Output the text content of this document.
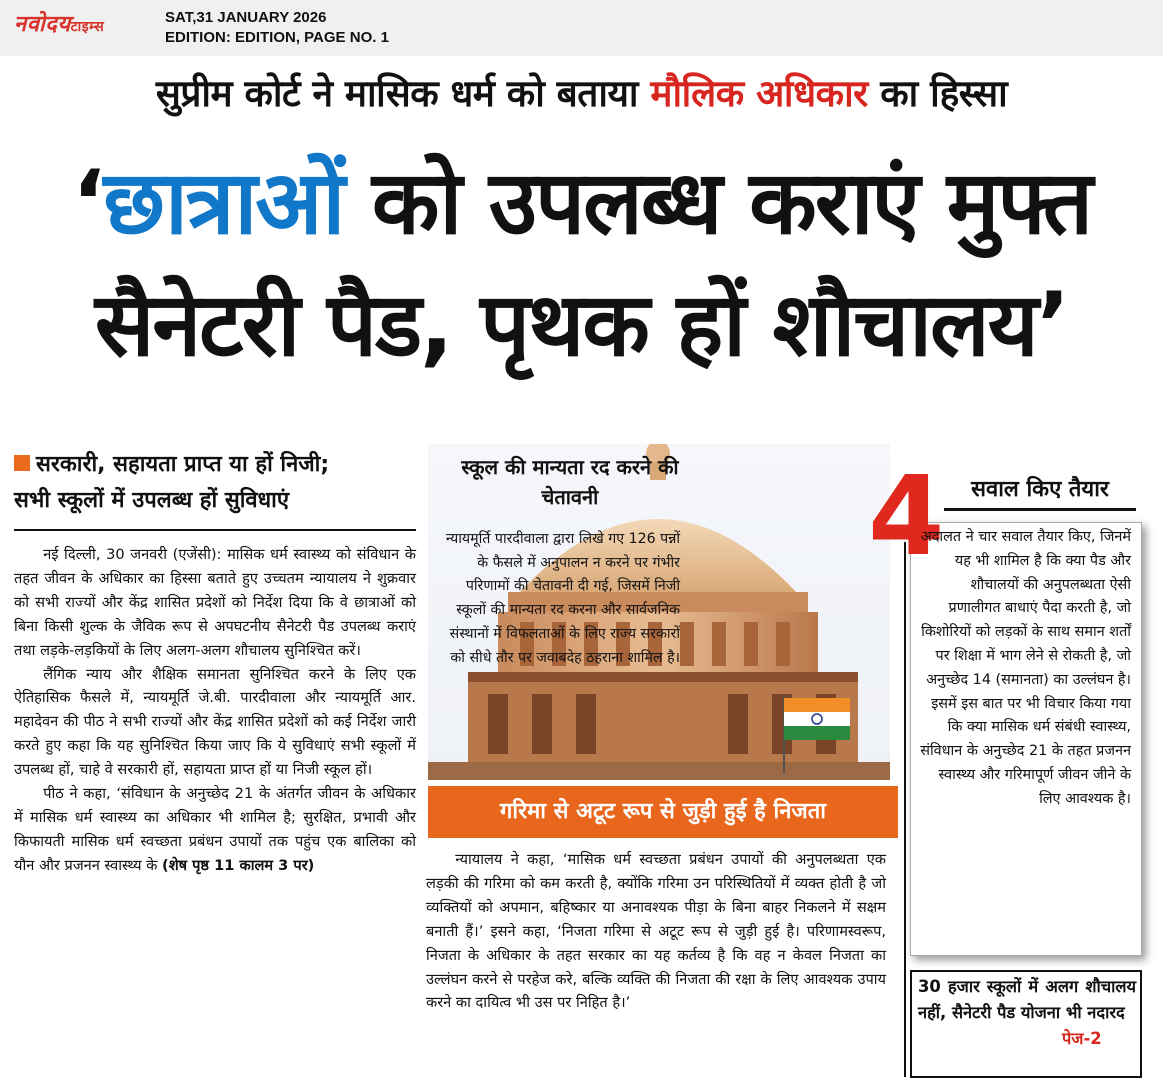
नवोदयटाइम्स
SAT,31 JANUARY 2026
EDITION: EDITION, PAGE NO. 1
सुप्रीम कोर्ट ने मासिक धर्म को बताया मौलिक अधिकार का हिस्सा
‘छात्राओं को उपलब्ध कराएं मुफ्त
सैनेटरी पैड, पृथक हों शौचालय’
सरकारी, सहायता प्राप्त या हों निजी;
सभी स्कूलों में उपलब्ध हों सुविधाएं

नई दिल्ली, 30 जनवरी (एजेंसी): मासिक धर्म स्वास्थ्य को संविधान के तहत जीवन के अधिकार का हिस्सा बताते हुए उच्चतम न्यायालय ने शुक्रवार को सभी राज्यों और केंद्र शासित प्रदेशों को निर्देश दिया कि वे छात्राओं को बिना किसी शुल्क के जैविक रूप से अपघटनीय सैनेटरी पैड उपलब्ध कराएं तथा लड़के-लड़कियों के लिए अलग-अलग शौचालय सुनिश्चित करें।

लैंगिक न्याय और शैक्षिक समानता सुनिश्चित करने के लिए एक ऐतिहासिक फैसले में, न्यायमूर्ति जे.बी. पारदीवाला और न्यायमूर्ति आर. महादेवन की पीठ ने सभी राज्यों और केंद्र शासित प्रदेशों को कई निर्देश जारी करते हुए कहा कि यह सुनिश्चित किया जाए कि ये सुविधाएं सभी स्कूलों में उपलब्ध हों, चाहे वे सरकारी हों, सहायता प्राप्त हों या निजी स्कूल हों।

पीठ ने कहा, ‘संविधान के अनुच्छेद 21 के अंतर्गत जीवन के अधिकार में मासिक धर्म स्वास्थ्य का अधिकार भी शामिल है; सुरक्षित, प्रभावी और किफायती मासिक धर्म स्वच्छता प्रबंधन उपायों तक पहुंच एक बालिका को यौन और प्रजनन स्वास्थ्य के (शेष पृष्ठ 11 कालम 3 पर)

स्कूल की मान्यता रद करने की चेतावनी
न्यायमूर्ति पारदीवाला द्वारा लिखे गए 126 पन्नों के फैसले में अनुपालन न करने पर गंभीर परिणामों की चेतावनी दी गई, जिसमें निजी स्कूलों की मान्यता रद करना और सार्वजनिक संस्थानों में विफलताओं के लिए राज्य सरकारों को सीधे तौर पर जवाबदेह ठहराना शामिल है।
गरिमा से अटूट रूप से जुड़ी हुई है निजता

न्यायालय ने कहा, ‘मासिक धर्म स्वच्छता प्रबंधन उपायों की अनुपलब्धता एक लड़की की गरिमा को कम करती है, क्योंकि गरिमा उन परिस्थितियों में व्यक्त होती है जो व्यक्तियों को अपमान, बहिष्कार या अनावश्यक पीड़ा के बिना बाहर निकलने में सक्षम बनाती हैं।’ इसने कहा, ‘निजता गरिमा से अटूट रूप से जुड़ी हुई है। परिणामस्वरूप, निजता के अधिकार के तहत सरकार का यह कर्तव्य है कि वह न केवल निजता का उल्लंघन करने से परहेज करे, बल्कि व्यक्ति की निजता की रक्षा के लिए आवश्यक उपाय करने का दायित्व भी उस पर निहित है।’

4	सवाल किए तैयार
अदालत ने चार सवाल तैयार किए, जिनमें यह भी शामिल है कि क्या पैड और शौचालयों की अनुपलब्धता ऐसी प्रणालीगत बाधाएं पैदा करती है, जो किशोरियों को लड़कों के साथ समान शर्तों पर शिक्षा में भाग लेने से रोकती है, जो अनुच्छेद 14 (समानता) का उल्लंघन है। इसमें इस बात पर भी विचार किया गया कि क्या मासिक धर्म संबंधी स्वास्थ्य, संविधान के अनुच्छेद 21 के तहत प्रजनन स्वास्थ्य और गरिमापूर्ण जीवन जीने के लिए आवश्यक है।
30 हजार स्कूलों में अलग शौचालय नहीं, सैनेटरी पैड योजना भी नदारद
पेज-2
